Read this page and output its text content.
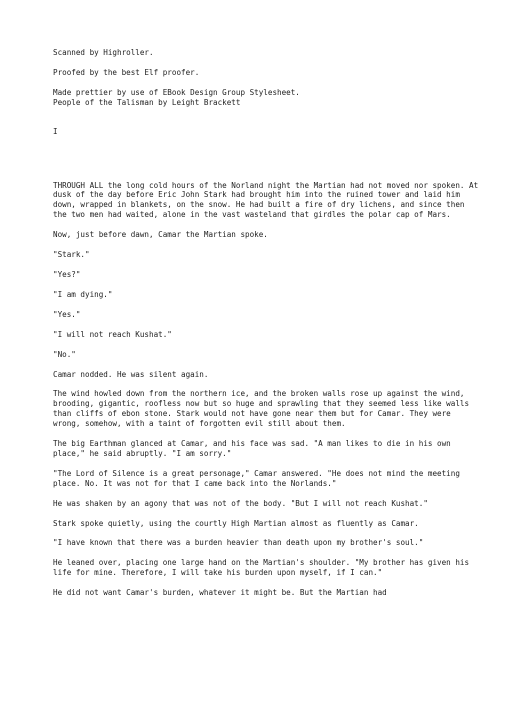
Scanned by Highroller.

Proofed by the best Elf proofer.

Made prettier by use of EBook Design Group Stylesheet.

People of the Talisman by Leight Brackett

I

THROUGH ALL the long cold hours of the Norland night the Martian had not moved nor spoken. At dusk of the day before Eric John Stark had brought him into the ruined tower and laid him down, wrapped in blankets, on the snow. He had built a fire of dry lichens, and since then the two men had waited, alone in the vast wasteland that girdles the polar cap of Mars.

Now, just before dawn, Camar the Martian spoke.

"Stark."

"Yes?"

"I am dying."

"Yes."

"I will not reach Kushat."

"No."

Camar nodded. He was silent again.

The wind howled down from the northern ice, and the broken walls rose up against the wind, brooding, gigantic, roofless now but so huge and sprawling that they seemed less like walls than cliffs of ebon stone. Stark would not have gone near them but for Camar. They were wrong, somehow, with a taint of forgotten evil still about them.

The big Earthman glanced at Camar, and his face was sad. "A man likes to die in his own place," he said abruptly. "I am sorry."

"The Lord of Silence is a great personage," Camar answered. "He does not mind the meeting place. No. It was not for that I came back into the Norlands."

He was shaken by an agony that was not of the body. "But I will not reach Kushat."

Stark spoke quietly, using the courtly High Martian almost as fluently as Camar.

"I have known that there was a burden heavier than death upon my brother's soul."

He leaned over, placing one large hand on the Martian's shoulder. "My brother has given his life for mine. Therefore, I will take his burden upon myself, if I can."

He did not want Camar's burden, whatever it might be. But the Martian had
